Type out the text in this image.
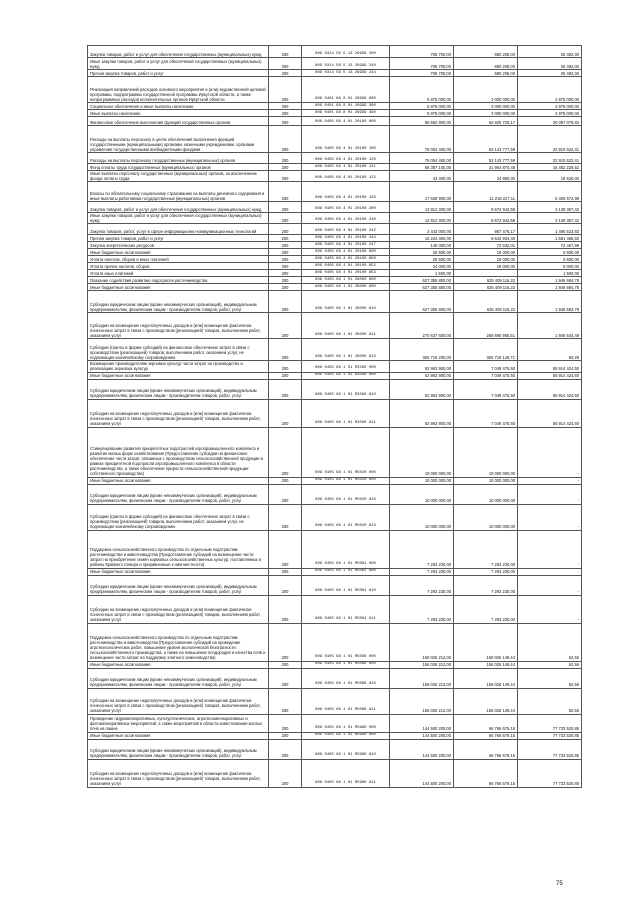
Закупка товаров, работ и услуг для обеспечения государственных (муниципальных) нужд	200	809 0314 56 5 13 29999 200	705 700,00	680 208,00	25 492,00
Иные закупки товаров, работ и услуг для обеспечения государственных (муниципальных) нужд	200	809 0314 56 5 13 29999 240	705 700,00	680 208,00	25 492,00
Прочая закупка товаров, работ и услуг	200	809 0314 56 5 13 29999 244	705 700,00	680 208,00	25 492,00
Реализация направлений расходов основного мероприятия и (или) ведомственной целевой программы, подпрограммы государственной программы Иркутской области, а также непрограммных расходов исполнительных органов Иркутской области	200	809 0401 68 8 01 29999 000	5 875 000,00	3 000 000,00	2 875 000,00
Социальное обеспечение и иные выплаты населению	200	809 0401 68 8 01 29999 300	5 875 000,00	3 000 000,00	2 875 000,00
Иные выплаты населению	200	809 0401 68 8 01 29999 360	5 875 000,00	3 000 000,00	2 875 000,00
Финансовое обеспечение выполнения функций государственных органов	200	809 0405 68 4 01 20100 000	86 582 800,00	62 825 720,17	20 057 079,83
Расходы на выплаты персоналу в целях обеспечения выполнения функций государственными (муниципальными) органами, казенными учреждениями, органами управления государственными внебюджетными фондами	200	809 0405 68 4 01 20100 100	76 054 400,00	53 143 777,59	22 910 622,41
Расходы на выплаты персоналу государственных (муниципальных) органов	200	809 0405 68 4 01 20100 120	76 054 400,00	53 143 777,59	22 910 622,41
Фонд оплаты труда государственных (муниципальных) органов	200	809 0405 68 4 01 20100 121	58 387 100,00	41 904 870,48	16 482 229,52
Иные выплаты персоналу государственных (муниципальных) органов, за исключением фонда оплаты труда	200	809 0405 68 4 01 20100 122	43 400,00	24 880,00	18 520,00
Взносы по обязательному социальному страхованию на выплаты денежного содержания и иные выплаты работникам государственных (муниципальных) органов	200	809 0405 68 4 01 20100 129	17 628 900,00	11 218 227,11	6 409 672,89
Закупка товаров, работ и услуг для обеспечения государственных (муниципальных) нужд	200	809 0405 68 4 01 20100 200	13 812 300,00	9 672 942,58	3 139 357,42
Иные закупки товаров, работ и услуг для обеспечения государственных (муниципальных) нужд	200	809 0405 68 4 01 20100 240	12 812 300,00	9 672 942,58	3 139 357,42
Закупка товаров, работ, услуг в сфере информационно-коммуникационных технологий	200	809 0405 68 4 01 20100 242	2 443 000,00	957 476,17	1 486 523,83
Прочая закупка товаров, работ и услуг	200	809 0405 68 4 01 20100 244	10 224 400,00	8 642 934,40	1 581 465,60
Закупка энергетических ресурсов	200	809 0405 68 4 01 20100 247	145 000,00	72 532,01	72 467,99
Иные бюджетные ассигнования	200	809 0405 68 4 01 20100 800	25 500,00	19 000,00	6 500,00
Уплата налогов, сборов и иных платежей	200	809 0405 68 4 01 20100 850	25 500,00	19 000,00	6 500,00
Уплата прочих налогов, сборов	200	809 0405 68 4 01 20100 852	24 000,00	19 000,00	5 000,00
Уплата иных платежей	200	809 0405 68 4 01 20100 853	1 500,00	-	1 500,00
Оказание содействия развитию подотрасли растениеводства	200	809 0405 68 1 01 28000 000	627 355 800,00	625 409 116,22	1 946 684,78
Иные бюджетные ассигнования	200	809 0405 68 1 01 28000 800	627 355 800,00	625 409 116,22	1 946 684,78
Субсидии юридическим лицам (кроме некоммерческих организаций), индивидуальным предпринимателям, физическим лицам - производителям товаров, работ, услуг	200	809 0405 68 1 01 28000 810	627 355 800,00	625 409 116,22	1 946 684,78
Субсидии на возмещение недополученных доходов и (или) возмещение фактически понесенных затрат в связи с производством (реализацией) товаров, выполнением работ, оказанием услуг	200	809 0405 68 1 01 28000 811	270 637 600,00	268 690 955,51	1 946 644,49
Субсидии (гранты в форме субсидий) на финансовое обеспечение затрат в связи с производством (реализацией) товаров, выполнением работ, оказанием услуг, не подлежащие казначейскому сопровождению	200	809 0405 68 1 01 28000 813	356 718 200,00	356 718 149,71	50,29
Возмещение производителям зерновых культур части затрат на производство и реализацию зерновых культур	200	809 0405 68 1 01 R3580 000	62 963 900,00	7 049 475,50	55 914 424,50
Иные бюджетные ассигнования	200	809 0405 68 1 01 R3580 800	62 963 900,00	7 049 475,50	55 914 424,50
Субсидии юридическим лицам (кроме некоммерческих организаций), индивидуальным предпринимателям, физическим лицам - производителям товаров, работ, услуг	200	809 0405 68 1 01 R3580 810	62 963 900,00	7 049 475,50	55 914 424,50
Субсидии на возмещение недополученных доходов и (или) возмещение фактически понесенных затрат в связи с производством (реализацией) товаров, выполнением работ, оказанием услуг	200	809 0405 68 1 01 R3580 811	62 963 900,00	7 049 475,50	55 914 424,50
Стимулирование развития приоритетных подотраслей агропромышленного комплекса и развитие малых форм хозяйствования (Предоставление субсидии на финансовое обеспечение части затрат, связанных с производством сельскохозяйственной продукции в рамках приоритетной подотрасли агропромышленного комплекса в области растениеводства, а также обеспечение прироста сельскохозяйственной продукции собственного производства)	200	809 0405 68 1 01 R5020 000	10 000 000,00	10 000 000,00	-
Иные бюджетные ассигнования	200	809 0405 68 1 01 R5020 800	10 000 000,00	10 000 000,00	-
Субсидии юридическим лицам (кроме некоммерческих организаций), индивидуальным предпринимателям, физическим лицам - производителям товаров, работ, услуг	200	809 0405 68 1 01 R5020 810	10 000 000,00	10 000 000,00	-
Субсидии (гранты в форме субсидий) на финансовое обеспечение затрат в связи с производством (реализацией) товаров, выполнением работ, оказанием услуг, не подлежащие казначейскому сопровождению	200	809 0405 68 1 01 R5020 813	10 000 000,00	10 000 000,00	-
Поддержка сельскохозяйственного производства по отдельным подотраслям растениеводства и животноводства (Предоставление субсидий на возмещение части затрат на приобретение семян кормовых сельскохозяйственных культур, поставляемых в районы Крайнего Севера и приравненные к ним местности)	200	809 0405 68 1 01 R5081 000	7 293 230,00	7 293 230,00	-
Иные бюджетные ассигнования	200	809 0405 68 1 01 R5081 800	7 293 230,00	7 293 230,00	-
Субсидии юридическим лицам (кроме некоммерческих организаций), индивидуальным предпринимателям, физическим лицам - производителям товаров, работ, услуг	200	809 0405 68 1 01 R5081 810	7 293 230,00	7 293 230,00	-
Субсидии на возмещение недополученных доходов и (или) возмещение фактически понесенных затрат в связи с производством (реализацией) товаров, выполнением работ, оказанием услуг	200	809 0405 68 1 01 R5081 811	7 293 230,00	7 293 230,00	-
Поддержка сельскохозяйственного производства по отдельным подотраслям растениеводства и животноводства (Предоставление субсидий на проведение агротехнологических работ, повышение уровня экологической безопасности сельскохозяйственного производства, а также на повышение плодородия и качества почв и возмещение части затрат на поддержку элитного семеноводства)	200	809 0405 68 1 01 R5086 000	166 026 212,00	166 026 149,44	62,56
Иные бюджетные ассигнования	200	809 0405 68 1 01 R5086 800	166 026 212,00	166 026 149,44	62,56
Субсидии юридическим лицам (кроме некоммерческих организаций), индивидуальным предпринимателям, физическим лицам - производителям товаров, работ, услуг	200	809 0405 68 1 01 R5086 810	166 026 212,00	166 026 149,44	62,56
Субсидии на возмещение недополученных доходов и (или) возмещение фактически понесенных затрат в связи с производством (реализацией) товаров, выполнением работ, оказанием услуг	200	809 0405 68 1 01 R5086 811	166 026 212,00	166 026 149,44	62,56
Проведение гидромелиоративных, культуртехнических, агролесомелиоративных и фитомелиоративных мероприятий, а также мероприятий в области известкования кислых почв на пашне	200	809 0405 68 1 01 R5980 000	144 500 200,00	66 766 679,15	77 733 520,85
Иные бюджетные ассигнования	200	809 0405 68 1 01 R5980 800	144 500 200,00	66 766 679,15	77 733 520,85
Субсидии юридическим лицам (кроме некоммерческих организаций), индивидуальным предпринимателям, физическим лицам - производителям товаров, работ, услуг	200	809 0405 68 1 01 R5980 810	144 500 200,00	66 766 679,15	77 733 520,85
Субсидии на возмещение недополученных доходов и (или) возмещение фактически понесенных затрат в связи с производством (реализацией) товаров, выполнением работ, оказанием услуг	200	809 0405 68 1 01 R5980 811	144 500 200,00	66 766 679,15	77 733 520,85
75
